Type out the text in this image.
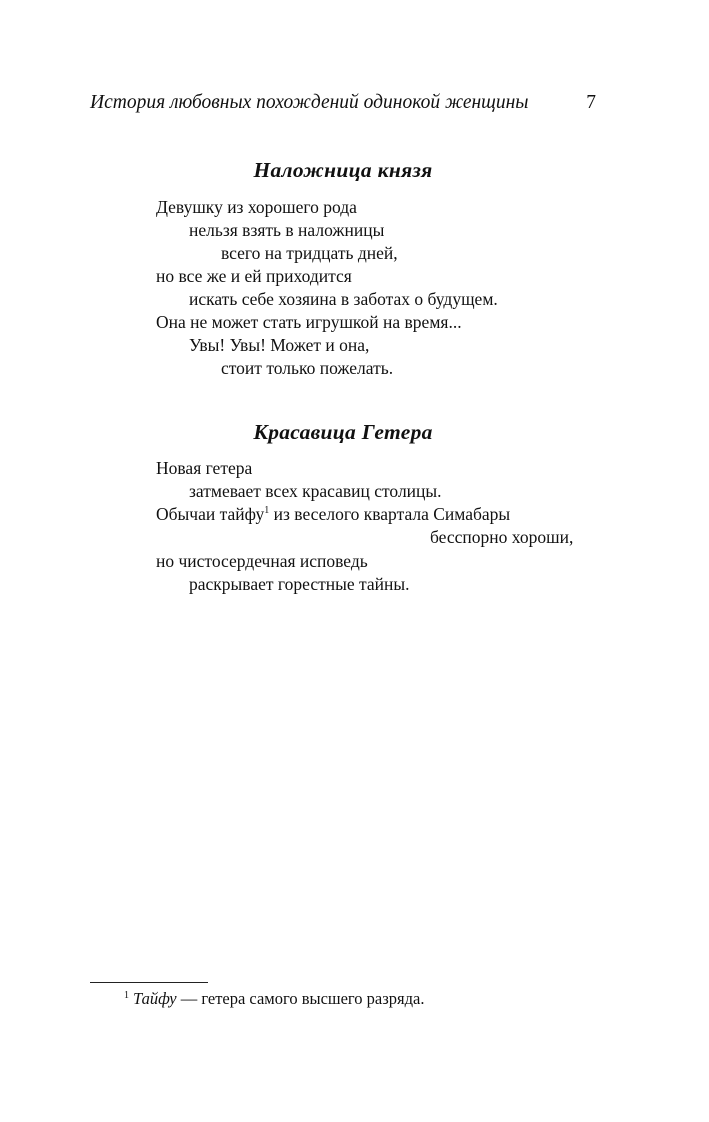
История любовных похождений одинокой женщины	7
Наложница князя
Девушку из хорошего рода
нельзя взять в наложницы
всего на тридцать дней,
но все же и ей приходится
искать себе хозяина в заботах о будущем.
Она не может стать игрушкой на время...
Увы! Увы! Может и она,
стоит только пожелать.
Красавица Гетера
Новая гетера
затмевает всех красавиц столицы.
Обычаи тайфу$^1$ из веселого квартала Симабары
бесспорно хороши,
но чистосердечная исповедь
раскрывает горестные тайны.
$^1$ Тайфу — гетера самого высшего разряда.
